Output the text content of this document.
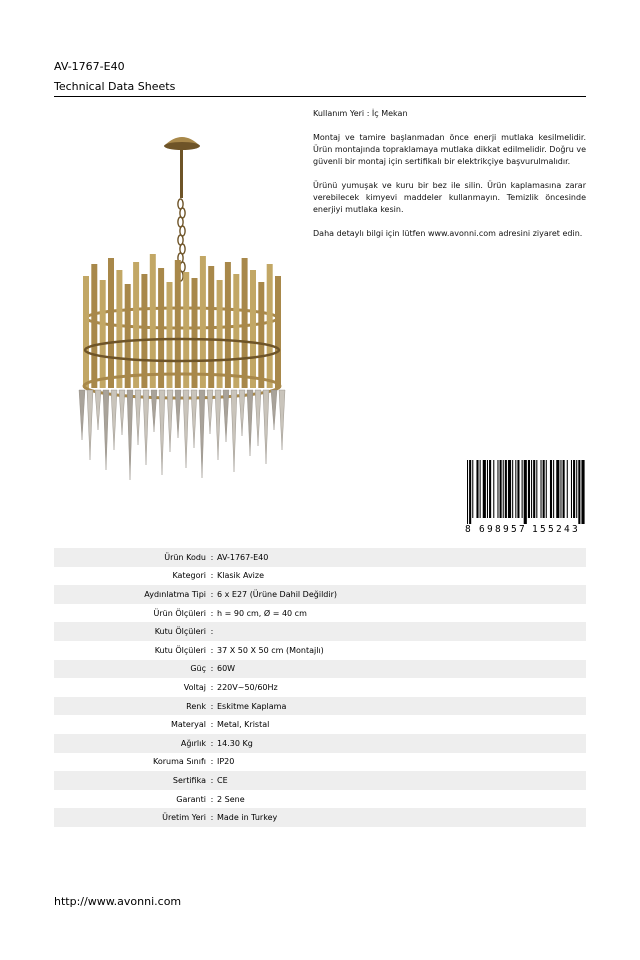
AV-1767-E40
Technical Data Sheets
Kullanım Yeri : İç Mekan

Montaj ve tamire başlanmadan önce enerji mutlaka kesilmelidir. Ürün montajında topraklamaya mutlaka dikkat edilmelidir. Doğru ve güvenli bir montaj için sertifikalı bir elektrikçiye başvurulmalıdır.

Ürünü yumuşak ve kuru bir bez ile silin. Ürün kaplamasına zarar verebilecek kimyevi maddeler kullanmayın. Temizlik öncesinde enerjiyi mutlaka kesin.

Daha detaylı bilgi için lütfen www.avonni.com adresini ziyaret edin.

8 6 9 8 9 5 7 1 5 5 2 4 3
Ürün Kodu : AV-1767-E40
Kategori : Klasik Avize
Aydınlatma Tipi : 6 x E27 (Ürüne Dahil Değildir)
Ürün Ölçüleri : h = 90 cm, Ø = 40 cm
Kutu Ölçüleri :
Kutu Ölçüleri : 37 X 50 X 50 cm (Montajlı)
Güç : 60W
Voltaj : 220V~50/60Hz
Renk : Eskitme Kaplama
Materyal : Metal, Kristal
Ağırlık : 14.30 Kg
Koruma Sınıfı : IP20
Sertifika : CE
Garanti : 2 Sene
Üretim Yeri : Made in Turkey
http://www.avonni.com
